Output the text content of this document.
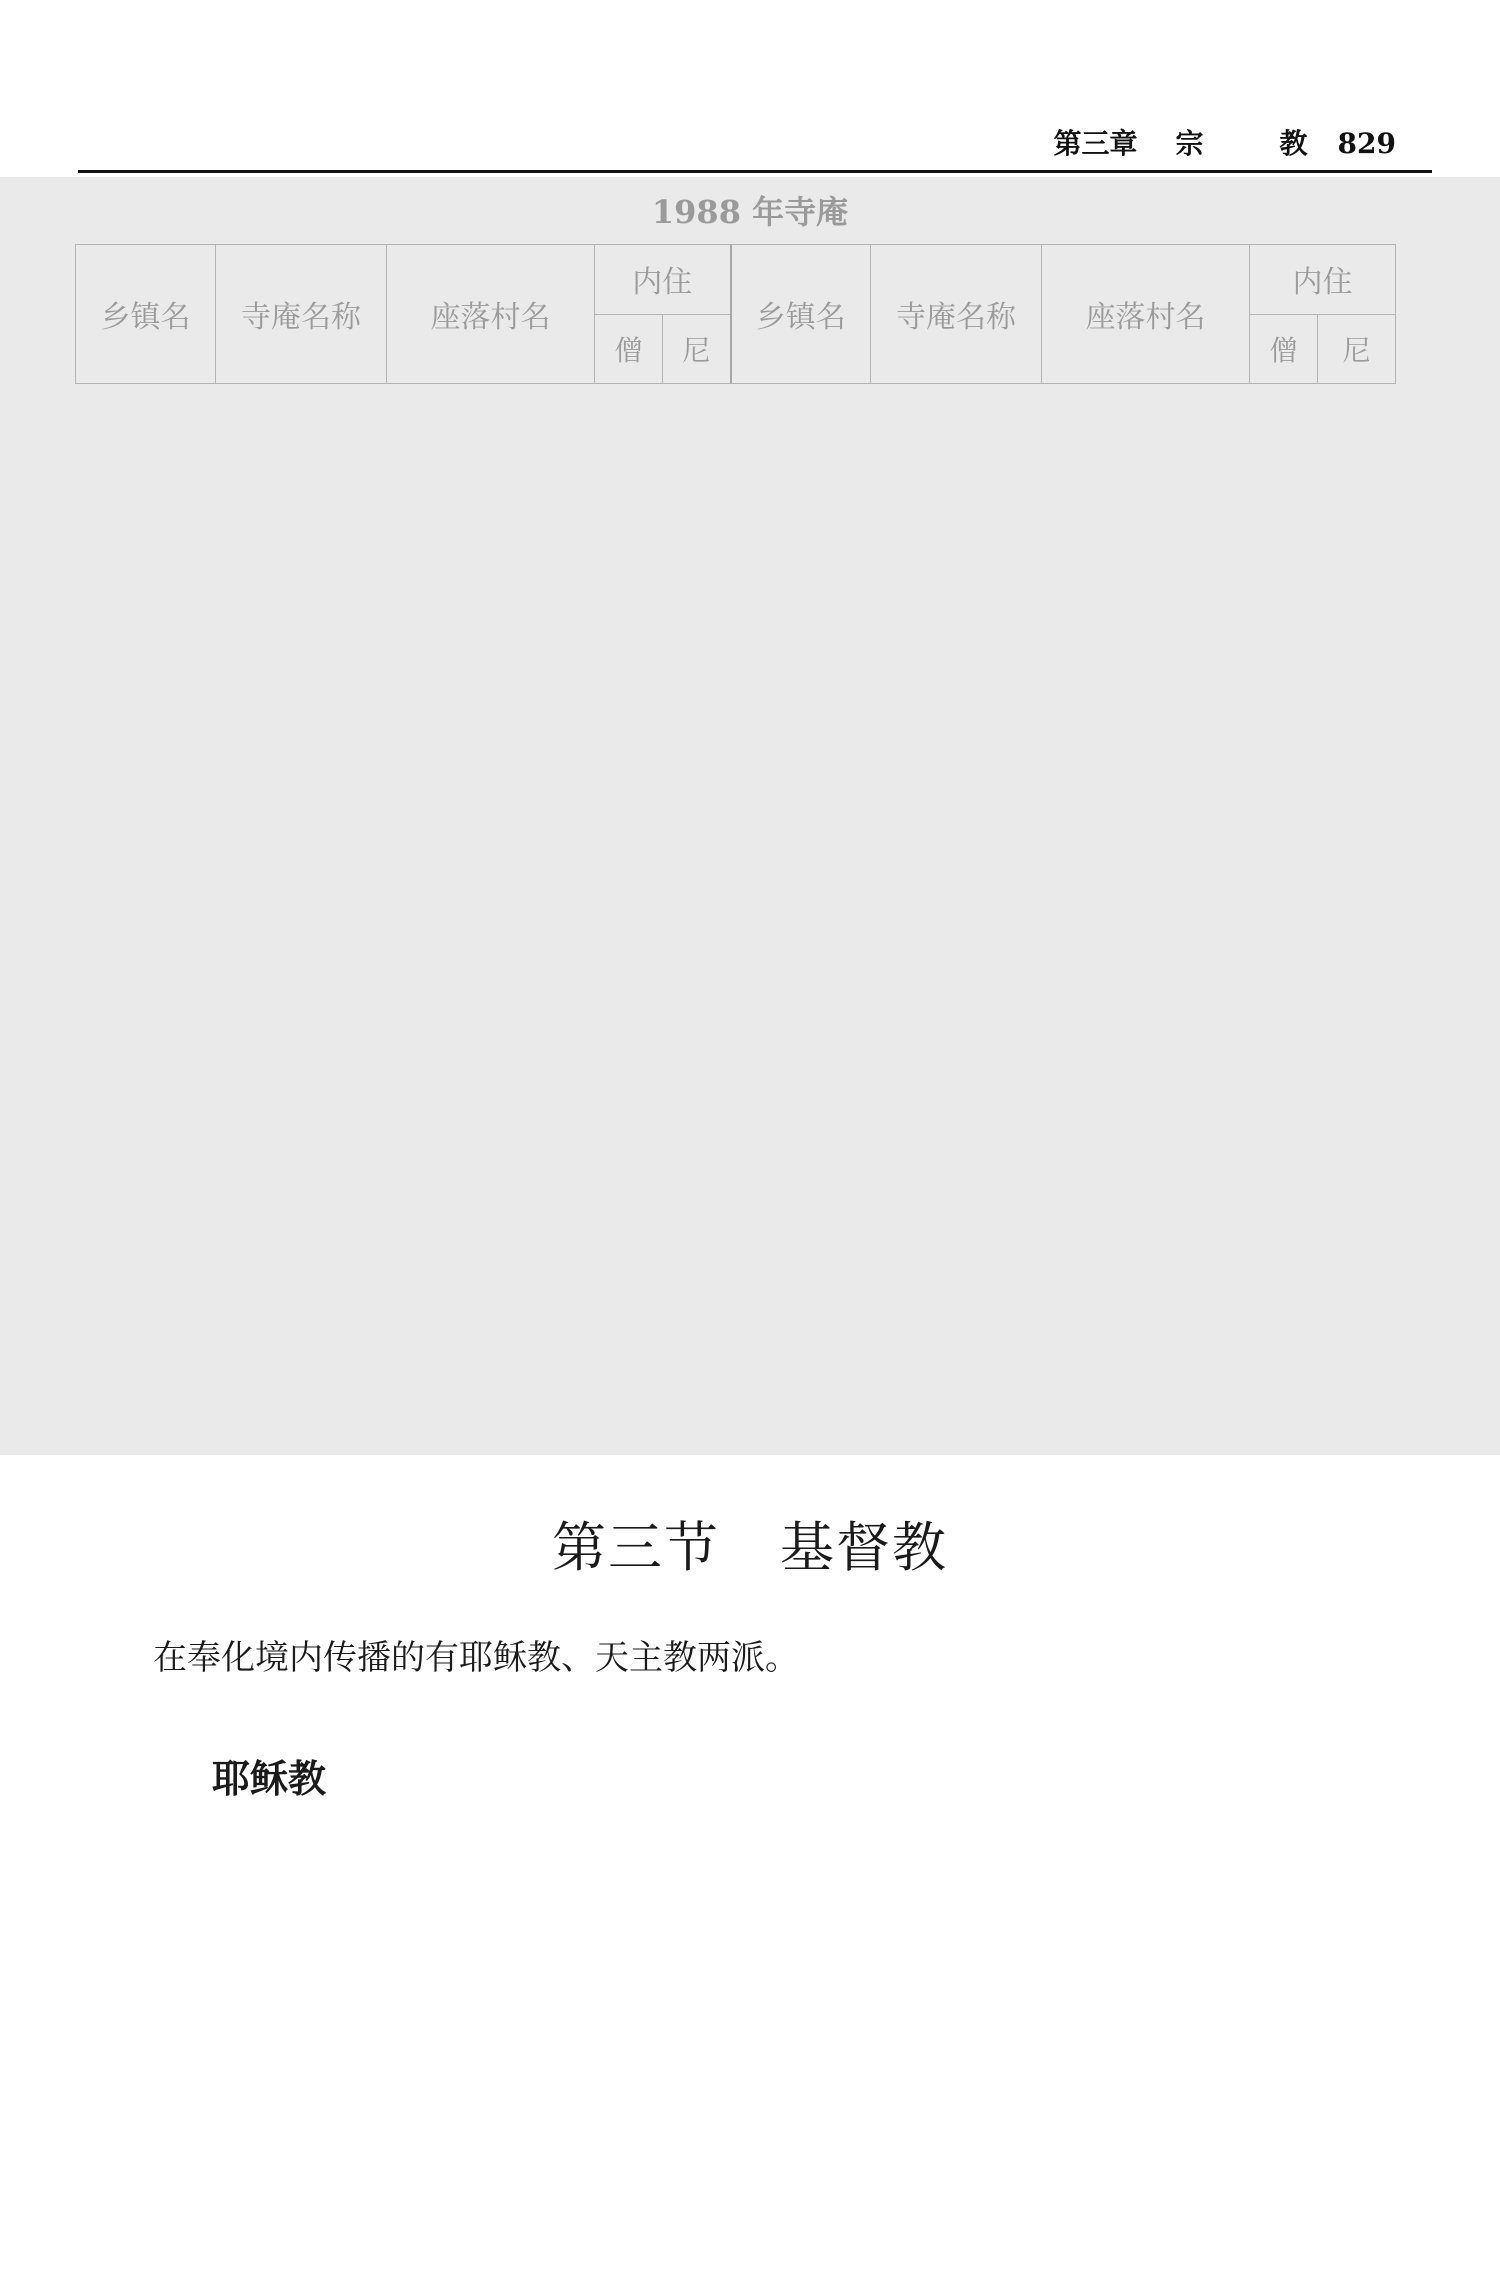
第三章 宗	教 829
1988 年寺庵
乡镇名	寺庵名称	座落村名	内住		乡镇名	寺庵名称	座落村名	内住	
			僧	尼				僧	尼
第三节 基督教
在奉化境内传播的有耶稣教、天主教两派。
耶稣教
